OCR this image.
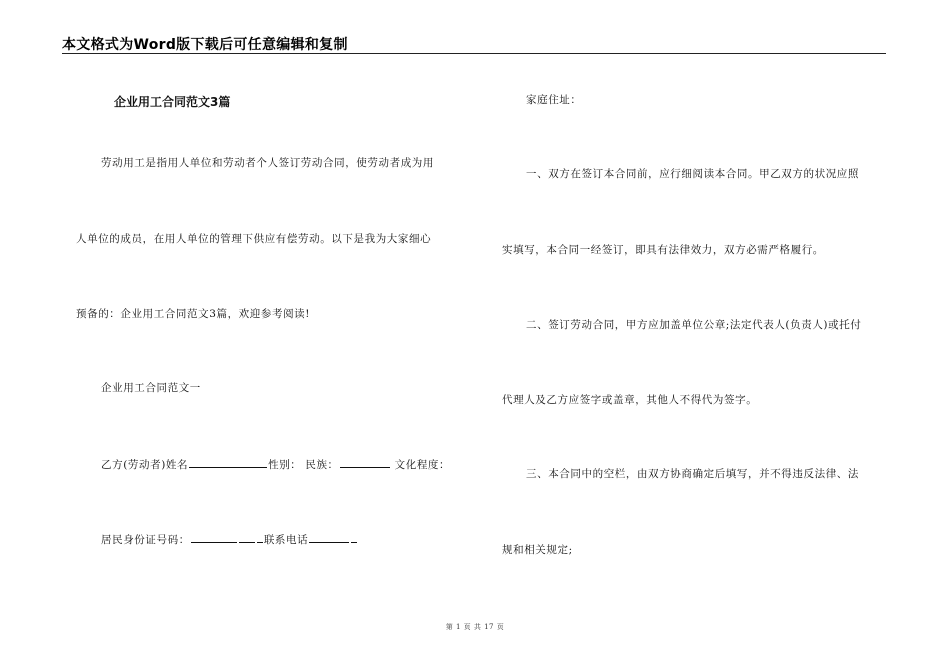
本文格式为Word版下载后可任意编辑和复制
企业用工合同范文3篇
劳动用工是指用人单位和劳动者个人签订劳动合同，使劳动者成为用
人单位的成员，在用人单位的管理下供应有偿劳动。以下是我为大家细心
预备的：企业用工合同范文3篇，欢迎参考阅读!
企业用工合同范文一
乙方(劳动者)姓名	性别： 民族：	文化程度：
居民身份证号码：	联系电话
家庭住址：
一、双方在签订本合同前，应行细阅读本合同。甲乙双方的状况应照
实填写，本合同一经签订，即具有法律效力，双方必需严格履行。
二、签订劳动合同，甲方应加盖单位公章;法定代表人(负责人)或托付
代理人及乙方应签字或盖章，其他人不得代为签字。
三、本合同中的空栏，由双方协商确定后填写，并不得违反法律、法
规和相关规定;
第 1 页 共 17 页
